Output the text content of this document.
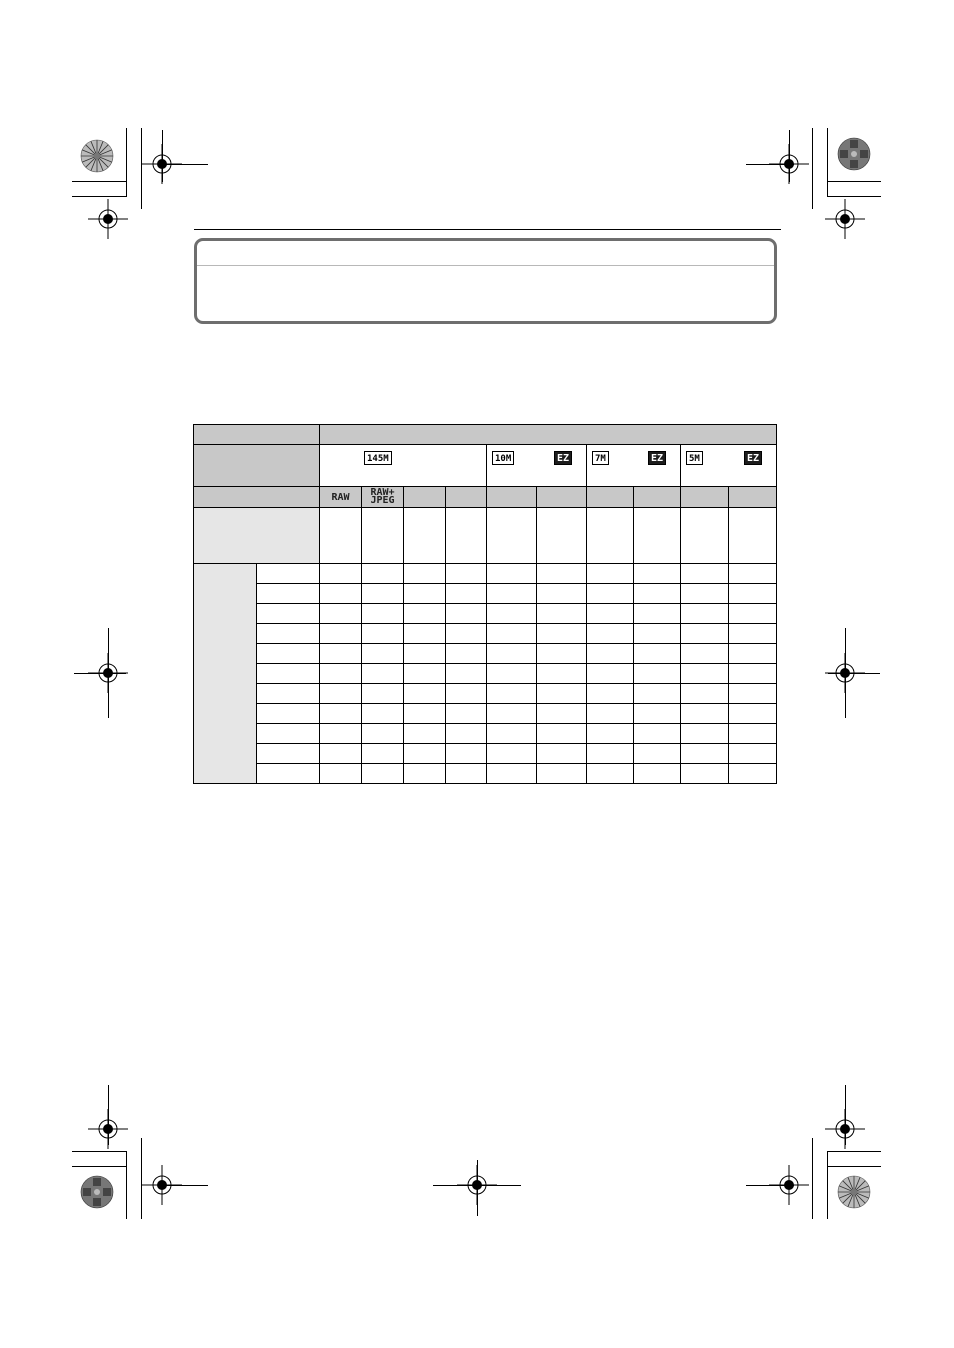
		145M				10M EZ		7M EZ		5M EZ	

		RAW	RAW+
JPEG								
